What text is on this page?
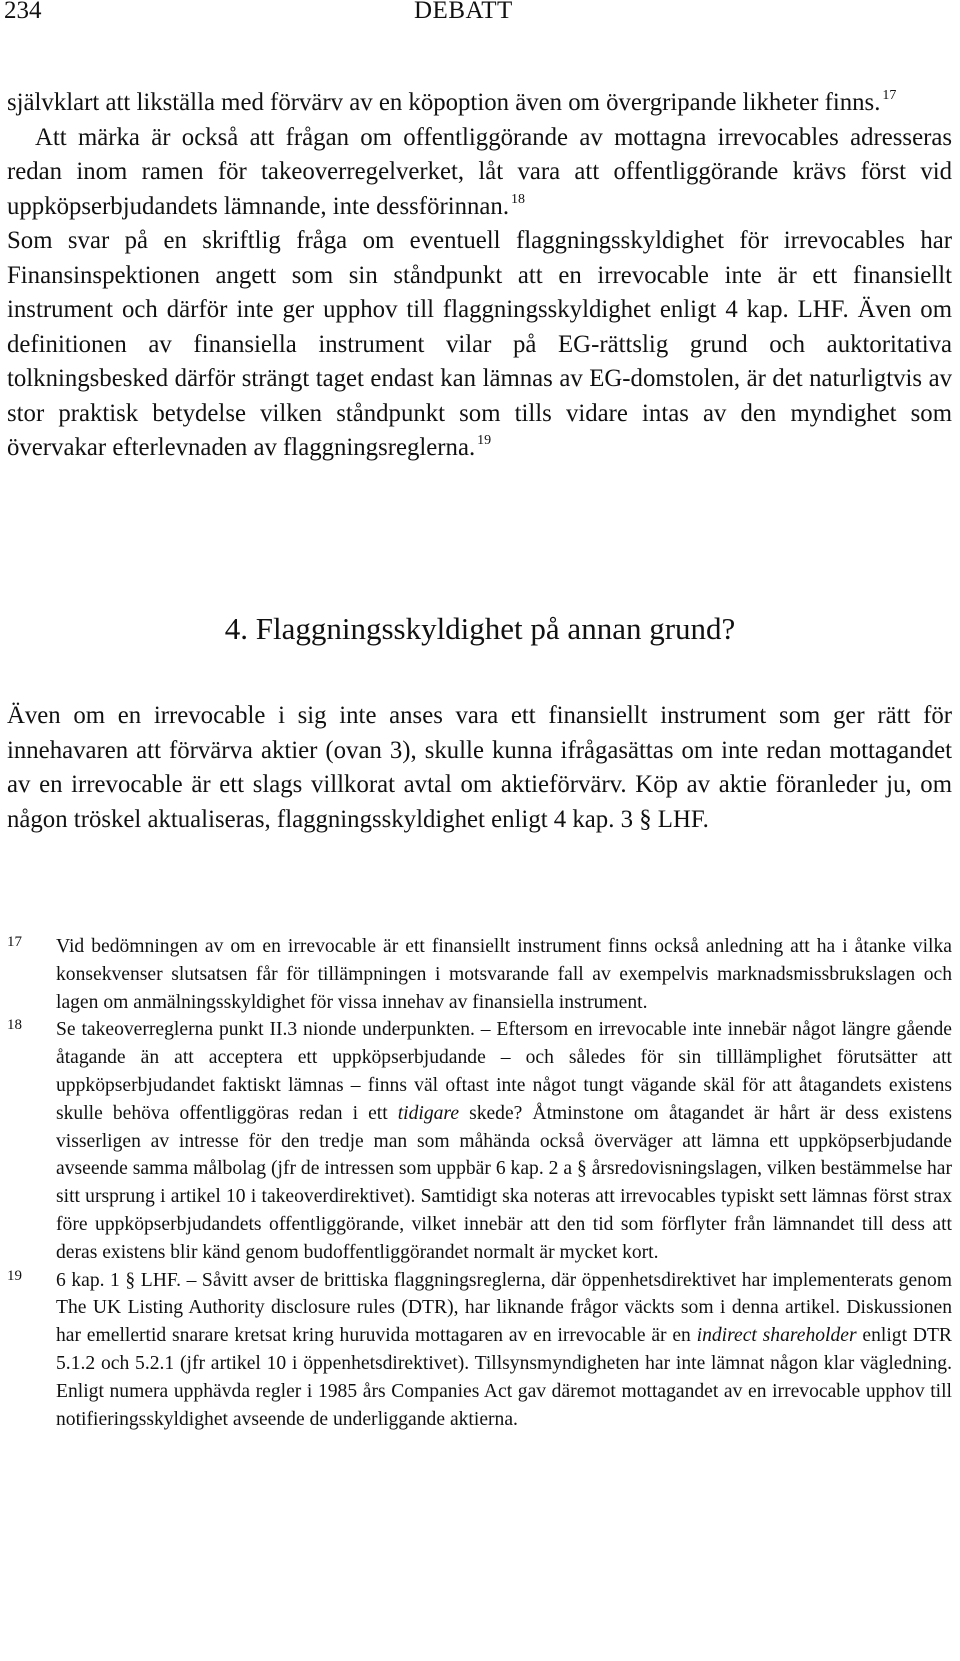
234	DEBATT

självklart att likställa med förvärv av en köpoption även om övergripande likheter finns. $^{17}$

Att märka är också att frågan om offentliggörande av mottagna irrevocables adresseras redan inom ramen för takeoverregelverket, låt vara att offentliggörande krävs först vid uppköpserbjudandets lämnande, inte dessförinnan. $^{18}$

Som svar på en skriftlig fråga om eventuell flaggningsskyldighet för irrevocables har Finansinspektionen angett som sin ståndpunkt att en irrevocable inte är ett finansiellt instrument och därför inte ger upphov till flaggningsskyldighet enligt 4 kap. LHF. Även om definitionen av finansiella instrument vilar på EG-rättslig grund och auktoritativa tolkningsbesked därför strängt taget endast kan lämnas av EG-domstolen, är det naturligtvis av stor praktisk betydelse vilken ståndpunkt som tills vidare intas av den myndighet som övervakar efterlevnaden av flaggningsreglerna. $^{19}$

4. Flaggningsskyldighet på annan grund?

Även om en irrevocable i sig inte anses vara ett finansiellt instrument som ger rätt för innehavaren att förvärva aktier (ovan 3), skulle kunna ifrågasättas om inte redan mottagandet av en irrevocable är ett slags villkorat avtal om aktieförvärv. Köp av aktie föranleder ju, om någon tröskel aktualiseras, flaggningsskyldighet enligt 4 kap. 3 § LHF.

17 Vid bedömningen av om en irrevocable är ett finansiellt instrument finns också anledning att ha i åtanke vilka konsekvenser slutsatsen får för tillämpningen i motsvarande fall av exempelvis marknadsmissbrukslagen och lagen om anmälningsskyldighet för vissa innehav av finansiella instrument.

18 Se takeoverreglerna punkt II.3 nionde underpunkten. – Eftersom en irrevocable inte innebär något längre gående åtagande än att acceptera ett uppköpserbjudande – och således för sin tilllämplighet förutsätter att uppköpserbjudandet faktiskt lämnas – finns väl oftast inte något tungt vägande skäl för att åtagandets existens skulle behöva offentliggöras redan i ett tidigare skede? Åtminstone om åtagandet är hårt är dess existens visserligen av intresse för den tredje man som måhända också överväger att lämna ett uppköpserbjudande avseende samma målbolag (jfr de intressen som uppbär 6 kap. 2 a § årsredovisningslagen, vilken bestämmelse har sitt ursprung i artikel 10 i takeoverdirektivet). Samtidigt ska noteras att irrevocables typiskt sett lämnas först strax före uppköpserbjudandets offentliggörande, vilket innebär att den tid som förflyter från lämnandet till dess att deras existens blir känd genom budoffentliggörandet normalt är mycket kort.

19 6 kap. 1 § LHF. – Såvitt avser de brittiska flaggningsreglerna, där öppenhetsdirektivet har implementerats genom The UK Listing Authority disclosure rules (DTR), har liknande frågor väckts som i denna artikel. Diskussionen har emellertid snarare kretsat kring huruvida mottagaren av en irrevocable är en indirect shareholder enligt DTR 5.1.2 och 5.2.1 (jfr artikel 10 i öppenhetsdirektivet). Tillsynsmyndigheten har inte lämnat någon klar vägledning. Enligt numera upphävda regler i 1985 års Companies Act gav däremot mottagandet av en irrevocable upphov till notifieringsskyldighet avseende de underliggande aktierna.
